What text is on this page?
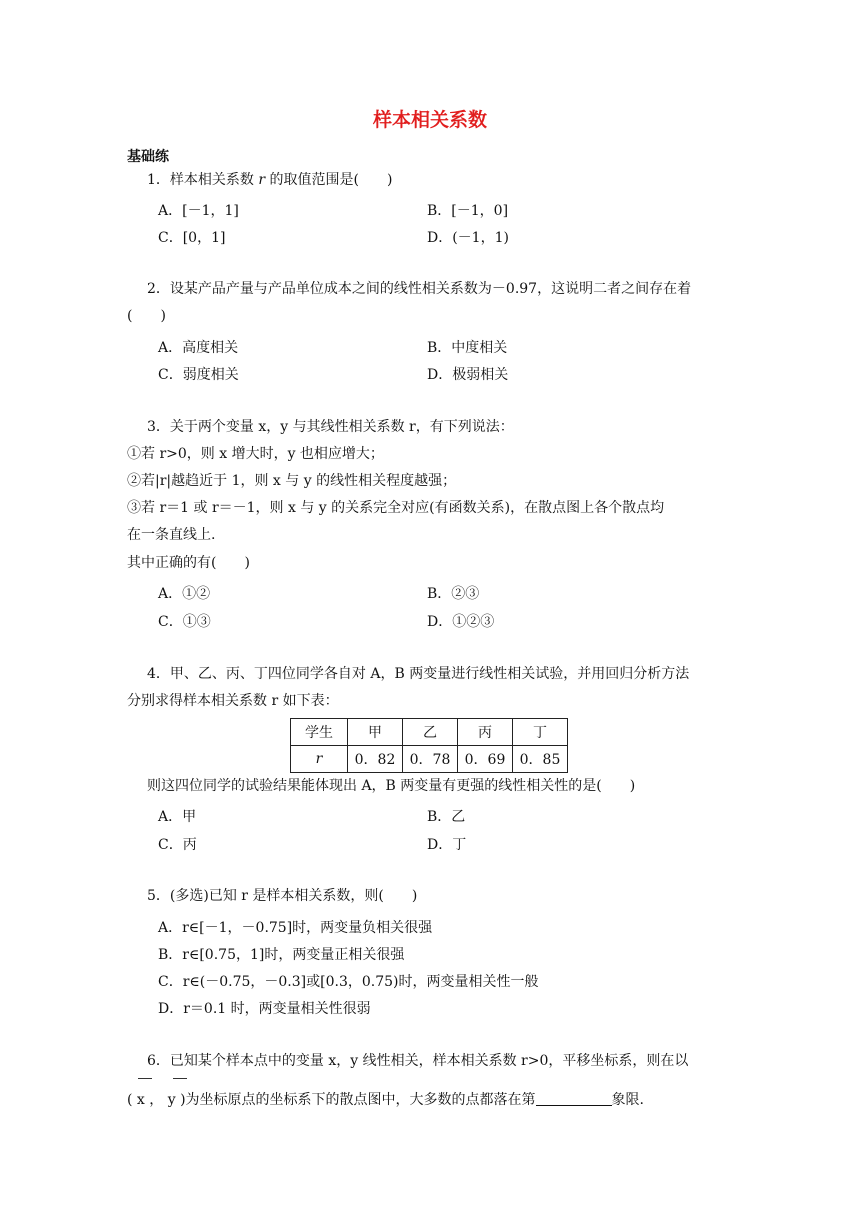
样本相关系数
基础练
1．样本相关系数 r 的取值范围是(　　)
A．[－1，1]	B．[－1，0]
C．[0，1]	D．(－1，1)
2．设某产品产量与产品单位成本之间的线性相关系数为－0.97，这说明二者之间存在着
(　　)
A．高度相关	B．中度相关
C．弱度相关	D．极弱相关
3．关于两个变量 x，y 与其线性相关系数 r，有下列说法：
①若 r>0，则 x 增大时，y 也相应增大；
②若|r|越趋近于 1，则 x 与 y 的线性相关程度越强；
③若 r＝1 或 r＝－1，则 x 与 y 的关系完全对应(有函数关系)，在散点图上各个散点均
在一条直线上.
其中正确的有(　　)
A．①②	B．②③
C．①③	D．①②③
4．甲、乙、丙、丁四位同学各自对 A，B 两变量进行线性相关试验，并用回归分析方法
分别求得样本相关系数 r 如下表：
学生	甲	乙	丙	丁
r	0．82	0．78	0．69	0．85
则这四位同学的试验结果能体现出 A，B 两变量有更强的线性相关性的是(　　)
A．甲	B．乙
C．丙	D．丁
5．(多选)已知 r 是样本相关系数，则(　　)
A．r∈[－1，－0.75]时，两变量负相关很强
B．r∈[0.75，1]时，两变量正相关很强
C．r∈(－0.75，－0.3]或[0.3，0.75)时，两变量相关性一般
D．r＝0.1 时，两变量相关性很弱
6．已知某个样本点中的变量 x，y 线性相关，样本相关系数 r>0，平移坐标系，则在以
( x ， y )为坐标原点的坐标系下的散点图中，大多数的点都落在第	象限.
